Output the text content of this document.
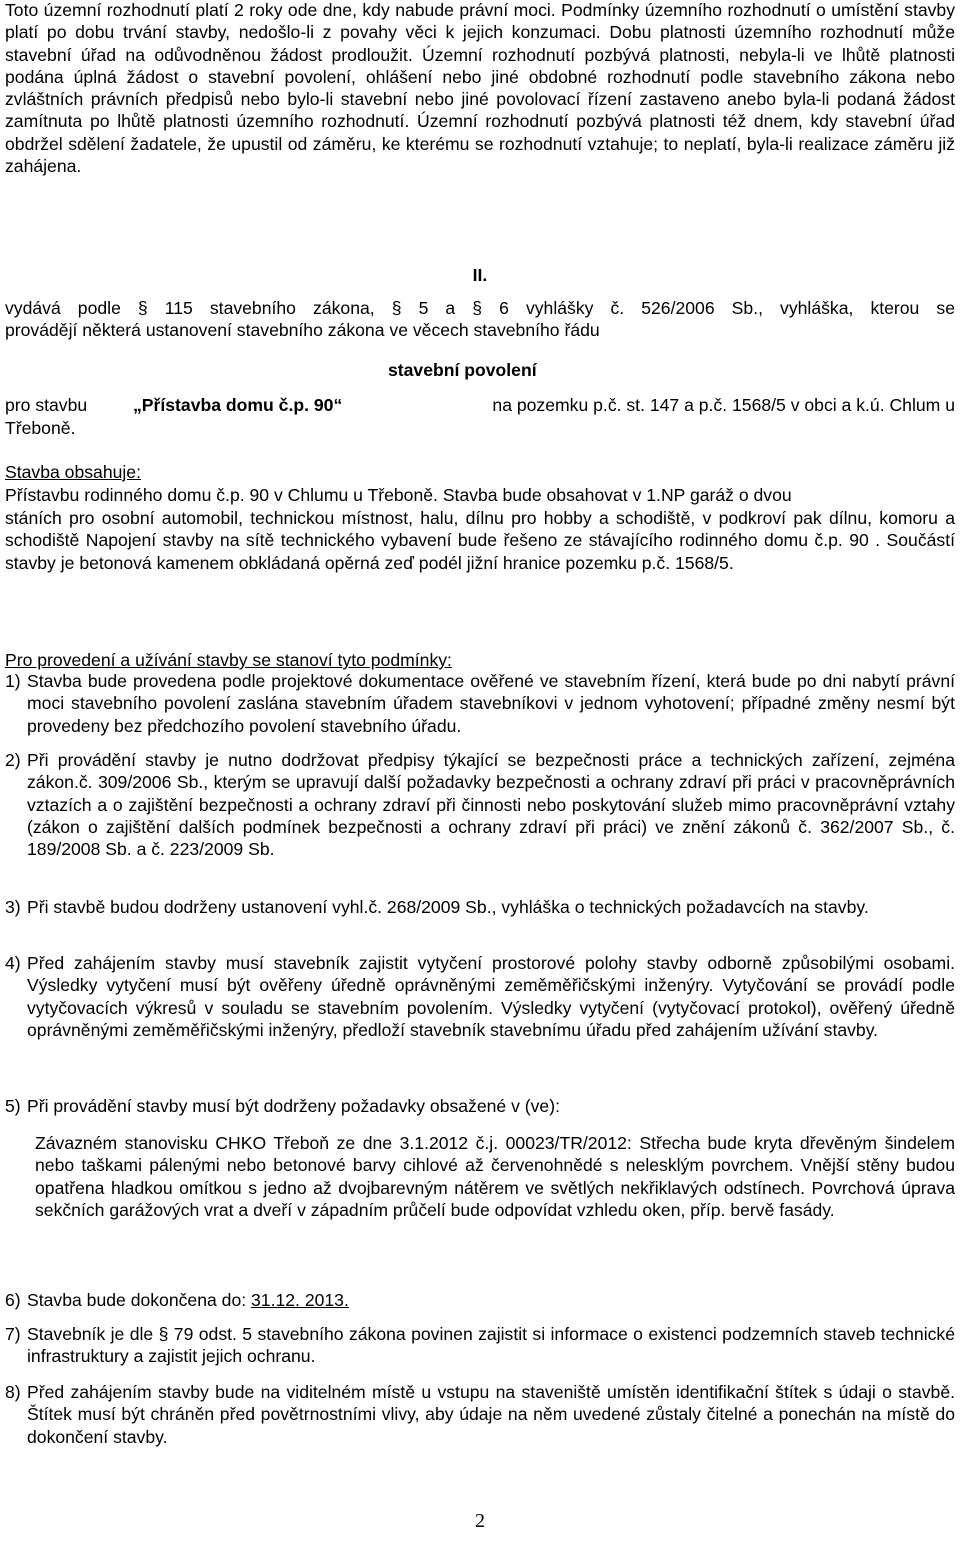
Toto územní rozhodnutí platí 2 roky ode dne, kdy nabude právní moci. Podmínky územního rozhodnutí o umístění stavby platí po dobu trvání stavby, nedošlo-li z povahy věci k jejich konzumaci. Dobu platnosti územního rozhodnutí může stavební úřad na odůvodněnou žádost prodloužit. Územní rozhodnutí pozbývá platnosti, nebyla-li ve lhůtě platnosti podána úplná žádost o stavební povolení, ohlášení nebo jiné obdobné rozhodnutí podle stavebního zákona nebo zvláštních právních předpisů nebo bylo-li stavební nebo jiné povolovací řízení zastaveno anebo byla-li podaná žádost zamítnuta po lhůtě platnosti územního rozhodnutí. Územní rozhodnutí pozbývá platnosti též dnem, kdy stavební úřad obdržel sdělení žadatele, že upustil od záměru, ke kterému se rozhodnutí vztahuje; to neplatí, byla-li realizace záměru již zahájena.
II.
vydává podle § 115 stavebního zákona, § 5 a § 6 vyhlášky č. 526/2006 Sb., vyhláška, kterou se
provádějí některá ustanovení stavebního zákona ve věcech stavebního řádu
stavební povolení
pro stavbu	„Přístavba domu č.p. 90“	na pozemku p.č. st. 147 a p.č. 1568/5 v obci a k.ú. Chlum u
Třeboně.
Stavba obsahuje:
Přístavbu rodinného domu č.p. 90 v Chlumu u Třeboně. Stavba bude obsahovat v 1.NP garáž o dvou
stáních pro osobní automobil, technickou místnost, halu, dílnu pro hobby a schodiště, v podkroví pak dílnu, komoru a schodiště Napojení stavby na sítě technického vybavení bude řešeno ze stávajícího rodinného domu č.p. 90 . Součástí stavby je betonová kamenem obkládaná opěrná zeď podél jižní hranice pozemku p.č. 1568/5.
Pro provedení a užívání stavby se stanoví tyto podmínky:
1) Stavba bude provedena podle projektové dokumentace ověřené ve stavebním řízení, která bude po dni nabytí právní moci stavebního povolení zaslána stavebním úřadem stavebníkovi v jednom vyhotovení; případné změny nesmí být provedeny bez předchozího povolení stavebního úřadu.
2) Při provádění stavby je nutno dodržovat předpisy týkající se bezpečnosti práce a technických zařízení, zejména zákon.č. 309/2006 Sb., kterým se upravují další požadavky bezpečnosti a ochrany zdraví při práci v pracovněprávních vztazích a o zajištění bezpečnosti a ochrany zdraví při činnosti nebo poskytování služeb mimo pracovněprávní vztahy (zákon o zajištění dalších podmínek bezpečnosti a ochrany zdraví při práci) ve znění zákonů č. 362/2007 Sb., č. 189/2008 Sb. a č. 223/2009 Sb.
3) Při stavbě budou dodrženy ustanovení vyhl.č. 268/2009 Sb., vyhláška o technických požadavcích na stavby.
4) Před zahájením stavby musí stavebník zajistit vytyčení prostorové polohy stavby odborně způsobilými osobami. Výsledky vytyčení musí být ověřeny úředně oprávněnými zeměměřičskými inženýry. Vytyčování se provádí podle vytyčovacích výkresů v souladu se stavebním povolením. Výsledky vytyčení (vytyčovací protokol), ověřený úředně oprávněnými zeměměřičskými inženýry, předloží stavebník stavebnímu úřadu před zahájením užívání stavby.
5) Při provádění stavby musí být dodrženy požadavky obsažené v (ve):
Závazném stanovisku CHKO Třeboň ze dne 3.1.2012 č.j. 00023/TR/2012: Střecha bude kryta dřevěným šindelem nebo taškami pálenými nebo betonové barvy cihlové až červenohnědé s nelesklým povrchem. Vnější stěny budou opatřena hladkou omítkou s jedno až dvojbarevným nátěrem ve světlých nekřiklavých odstínech. Povrchová úprava sekčních garážových vrat a dveří v západním průčelí bude odpovídat vzhledu oken, příp. bervě fasády.
6) Stavba bude dokončena do: 31.12. 2013.
7) Stavebník je dle § 79 odst. 5 stavebního zákona povinen zajistit si informace o existenci podzemních staveb technické infrastruktury a zajistit jejich ochranu.
8) Před zahájením stavby bude na viditelném místě u vstupu na staveniště umístěn identifikační štítek s údaji o stavbě. Štítek musí být chráněn před povětrnostními vlivy, aby údaje na něm uvedené zůstaly čitelné a ponechán na místě do dokončení stavby.
2
